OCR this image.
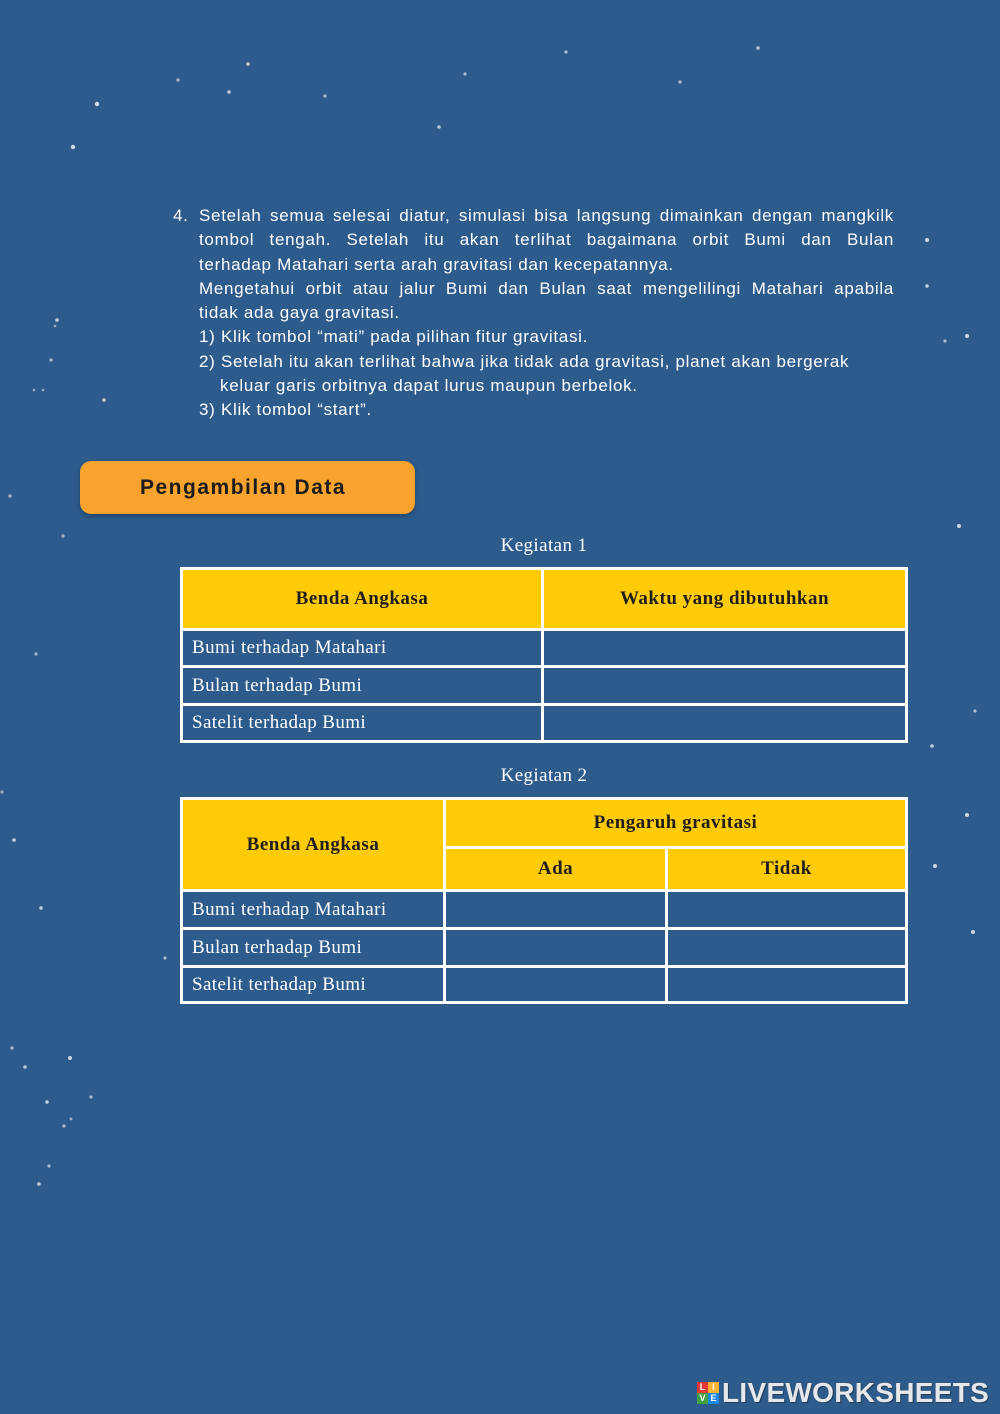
4. Setelah semua selesai diatur, simulasi bisa langsung dimainkan dengan mangkilk
tombol tengah. Setelah itu akan terlihat bagaimana orbit Bumi dan Bulan
terhadap Matahari serta arah gravitasi dan kecepatannya.
Mengetahui orbit atau jalur Bumi dan Bulan saat mengelilingi Matahari apabila
tidak ada gaya gravitasi.
1) Klik tombol “mati” pada pilihan fitur gravitasi.
2) Setelah itu akan terlihat bahwa jika tidak ada gravitasi, planet akan bergerak
keluar garis orbitnya dapat lurus maupun berbelok.
3) Klik tombol “start”.
Pengambilan Data
Kegiatan 1
Benda Angkasa	Waktu yang dibutuhkan
Bumi terhadap Matahari
Bulan terhadap Bumi
Satelit terhadap Bumi
Kegiatan 2
Benda Angkasa
Pengaruh gravitasi
Ada	Tidak
Bumi terhadap Matahari
Bulan terhadap Bumi
Satelit terhadap Bumi
L I
V E LIVEWORKSHEETS
